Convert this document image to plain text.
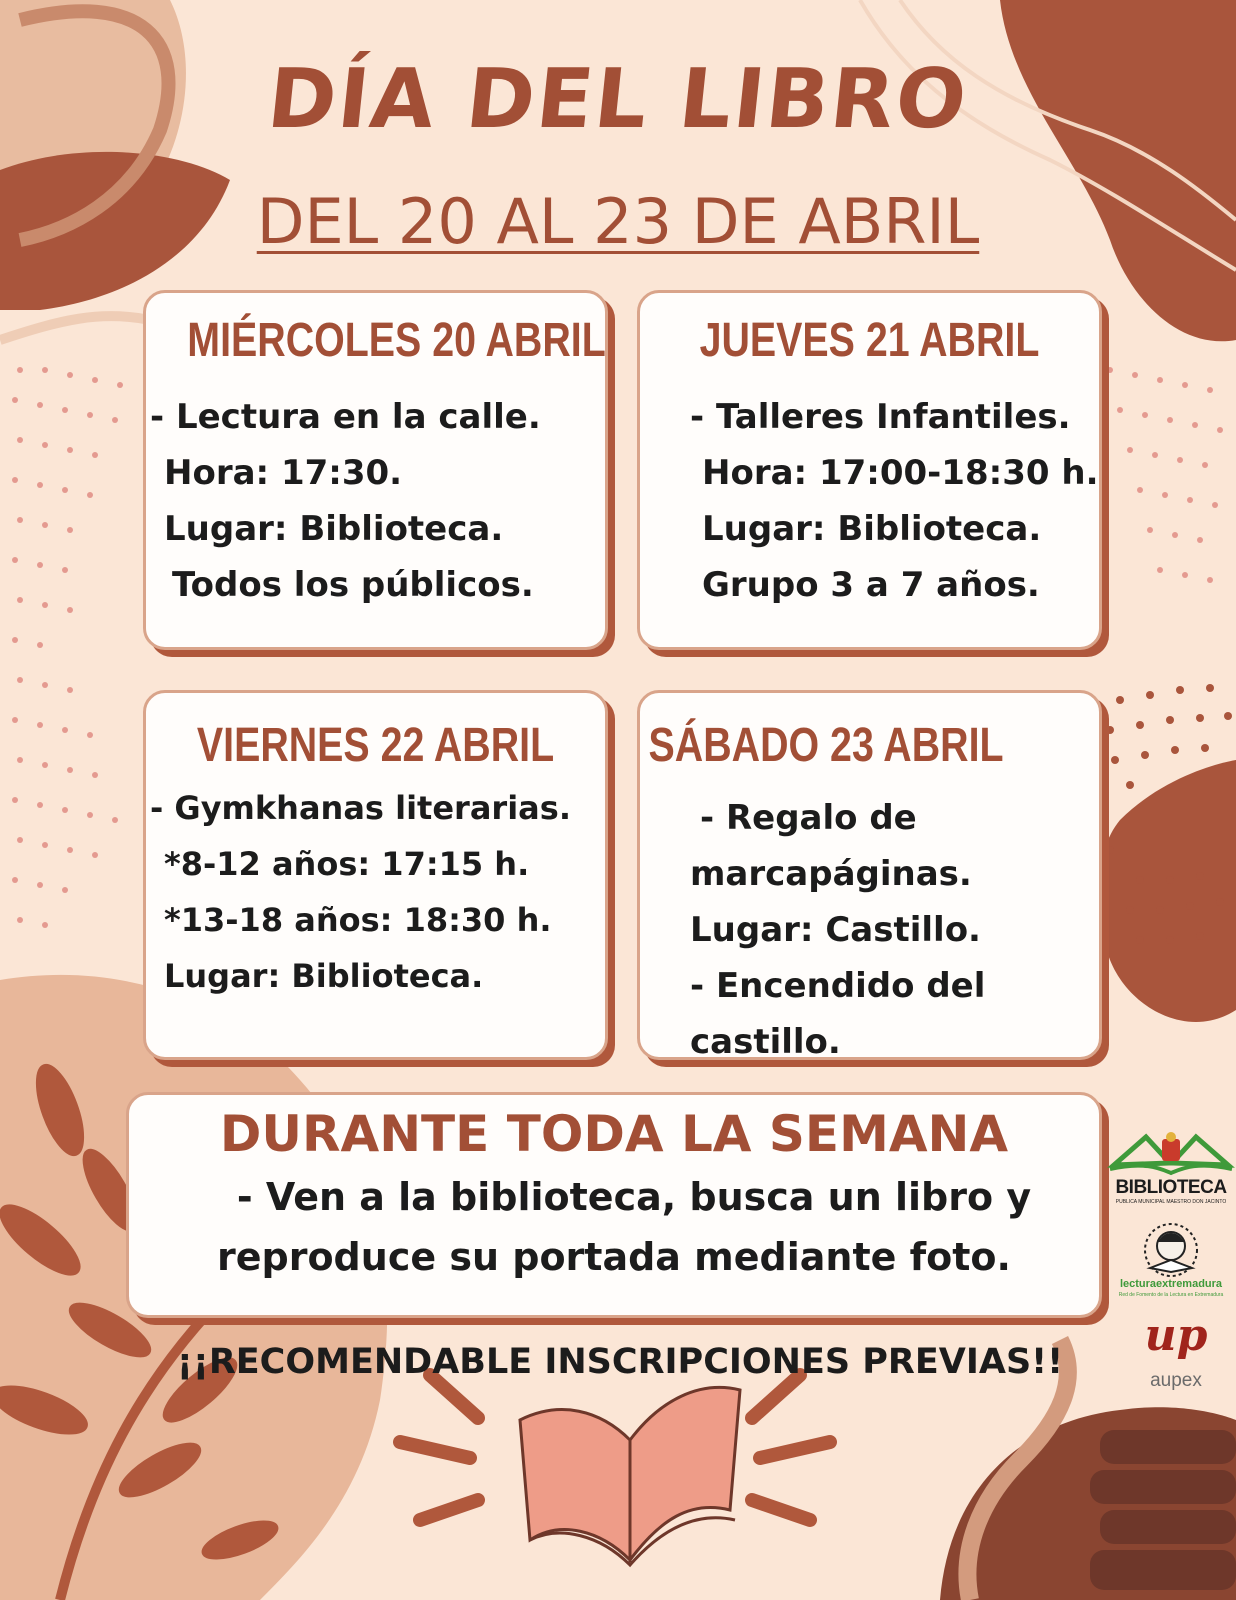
DÍA DEL LIBRO
DEL 20 AL 23 DE ABRIL
MIÉRCOLES 20 ABRIL
- Lectura en la calle.
Hora: 17:30.
Lugar: Biblioteca.
Todos los públicos.
JUEVES 21 ABRIL
- Talleres Infantiles.
Hora: 17:00-18:30 h.
Lugar: Biblioteca.
Grupo 3 a 7 años.
VIERNES 22 ABRIL
- Gymkhanas literarias.
*8-12 años: 17:15 h.
*13-18 años: 18:30 h.
Lugar: Biblioteca.
SÁBADO 23 ABRIL
- Regalo de
marcapáginas.
Lugar: Castillo.
- Encendido del
castillo.
DURANTE TODA LA SEMANA
- Ven a la biblioteca, busca un libro y
reproduce su portada mediante foto.
¡¡RECOMENDABLE INSCRIPCIONES PREVIAS!!
BIBLIOTECA
PÚBLICA MUNICIPAL MAESTRO DON JACINTO
lecturaextremadura
Red de Fomento de la Lectura en Extremadura
up
aupex
